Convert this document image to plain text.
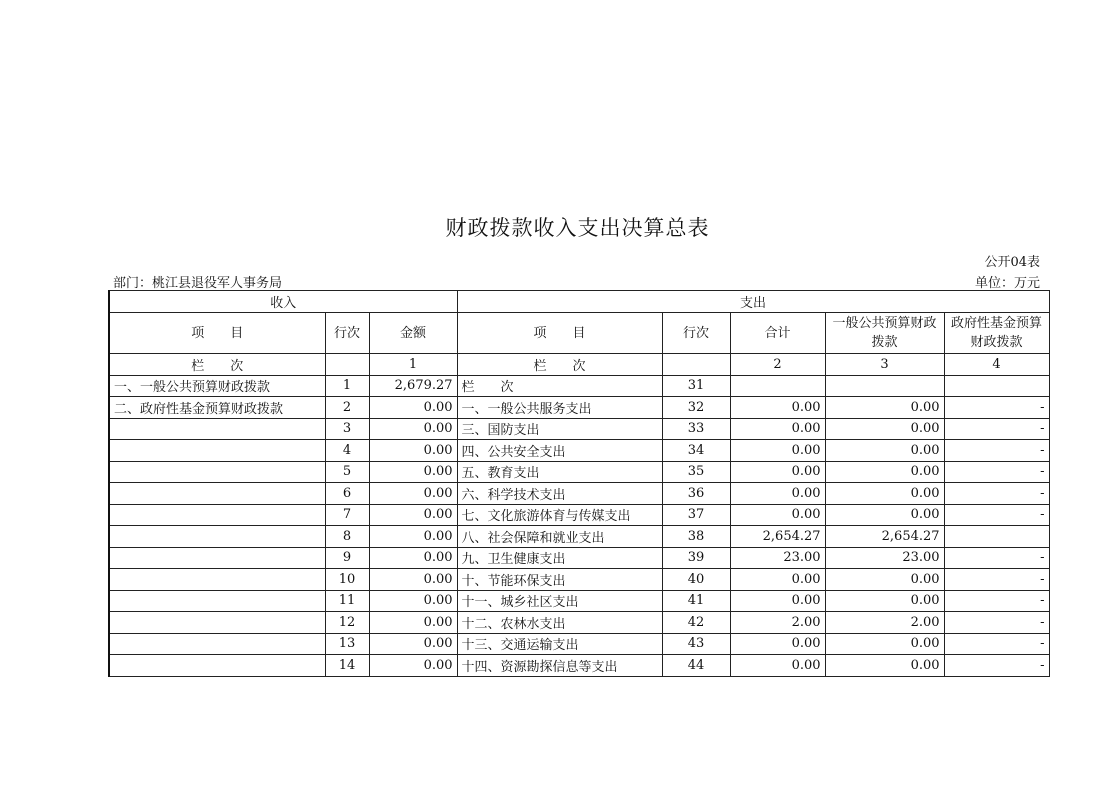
财政拨款收入支出决算总表
公开04表
部门：桃江县退役军人事务局	单位：万元
收入			支出				
项　　目	行次	金额	项　　目	行次	合计	一般公共预算财政拨款	政府性基金预算财政拨款
栏　　次		1	栏　　次		2	3	4
一、一般公共预算财政拨款	1	2,679.27	栏　　次	31			
二、政府性基金预算财政拨款	2	0.00	一、一般公共服务支出	32	0.00	0.00	-
	3	0.00	三、国防支出	33	0.00	0.00	-
	4	0.00	四、公共安全支出	34	0.00	0.00	-
	5	0.00	五、教育支出	35	0.00	0.00	-
	6	0.00	六、科学技术支出	36	0.00	0.00	-
	7	0.00	七、文化旅游体育与传媒支出	37	0.00	0.00	-
	8	0.00	八、社会保障和就业支出	38	2,654.27	2,654.27	
	9	0.00	九、卫生健康支出	39	23.00	23.00	-
	10	0.00	十、节能环保支出	40	0.00	0.00	-
	11	0.00	十一、城乡社区支出	41	0.00	0.00	-
	12	0.00	十二、农林水支出	42	2.00	2.00	-
	13	0.00	十三、交通运输支出	43	0.00	0.00	-
	14	0.00	十四、资源勘探信息等支出	44	0.00	0.00	-
